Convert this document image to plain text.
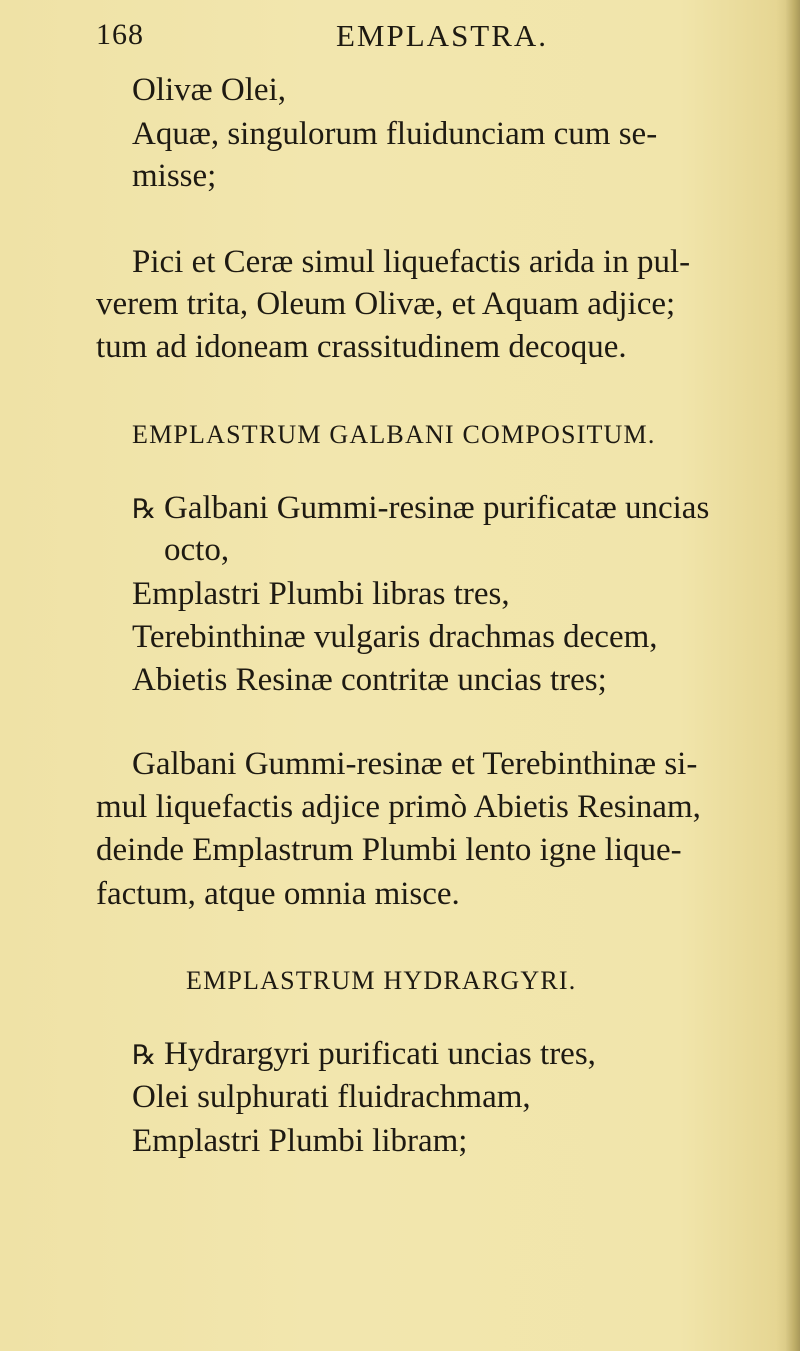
168	EMPLASTRA.
Olivæ Olei,
Aquæ, singulorum fluidunciam cum se-
misse;
Pici et Ceræ simul liquefactis arida in pul-
verem trita, Oleum Olivæ, et Aquam adjice;
tum ad idoneam crassitudinem decoque.
EMPLASTRUM GALBANI COMPOSITUM.
℞ Galbani Gummi-resinæ purificatæ uncias
octo,
Emplastri Plumbi libras tres,
Terebinthinæ vulgaris drachmas decem,
Abietis Resinæ contritæ uncias tres;
Galbani Gummi-resinæ et Terebinthinæ si-
mul liquefactis adjice primò Abietis Resinam,
deinde Emplastrum Plumbi lento igne lique-
factum, atque omnia misce.
EMPLASTRUM HYDRARGYRI.
℞ Hydrargyri purificati uncias tres,
Olei sulphurati fluidrachmam,
Emplastri Plumbi libram;
